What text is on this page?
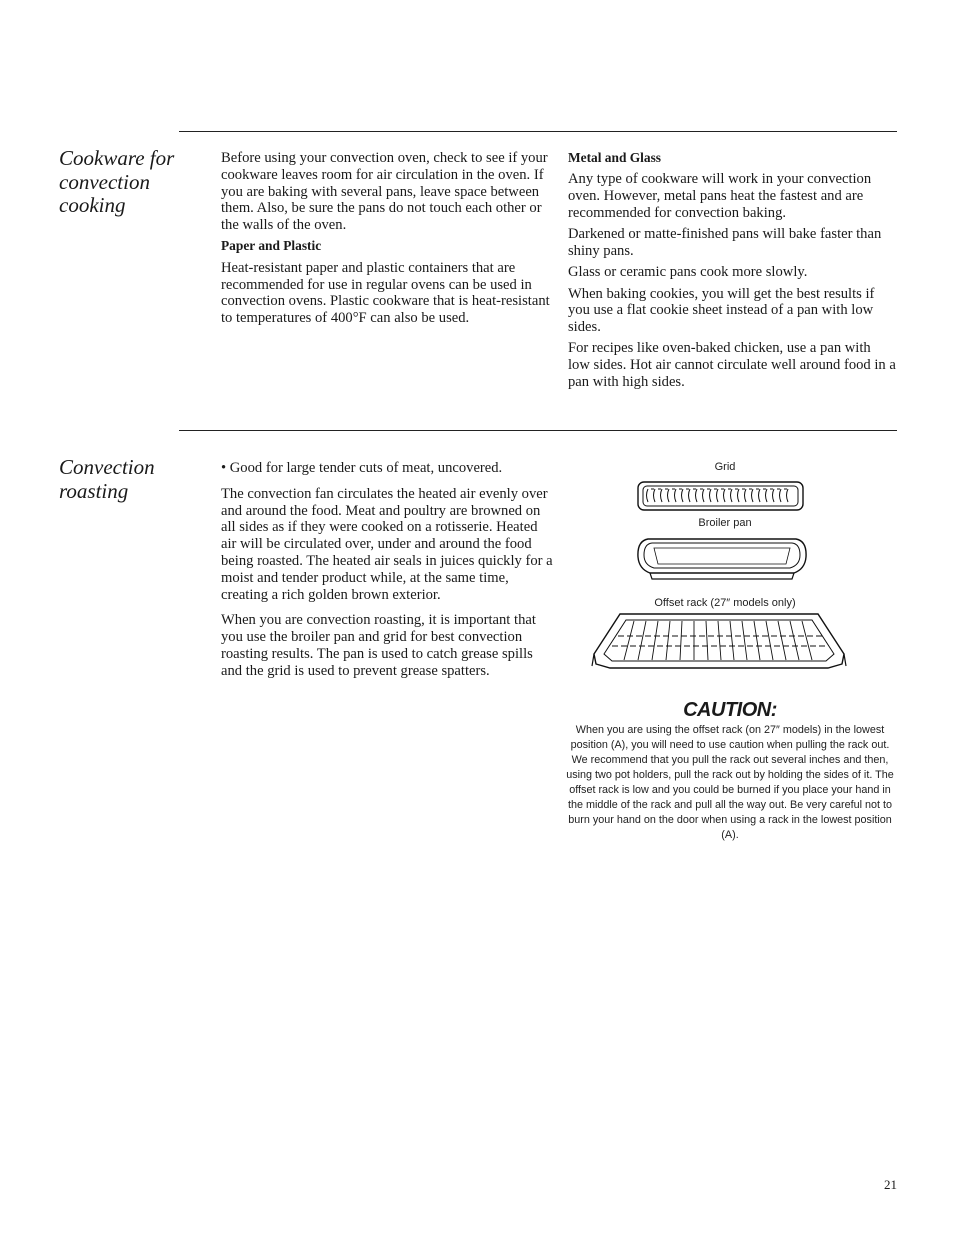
Cookware for convection cooking

Before using your convection oven, check to see if your cookware leaves room for air circulation in the oven. If you are baking with several pans, leave space between them. Also, be sure the pans do not touch each other or the walls of the oven.

Paper and Plastic

Heat-resistant paper and plastic containers that are recommended for use in regular ovens can be used in convection ovens. Plastic cookware that is heat-resistant to temperatures of 400°F can also be used.

Metal and Glass

Any type of cookware will work in your convection oven. However, metal pans heat the fastest and are recommended for convection baking.

Darkened or matte-finished pans will bake faster than shiny pans.

Glass or ceramic pans cook more slowly.

When baking cookies, you will get the best results if you use a flat cookie sheet instead of a pan with low sides.

For recipes like oven-baked chicken, use a pan with low sides. Hot air cannot circulate well around food in a pan with high sides.

Convection roasting

• Good for large tender cuts of meat, uncovered.

The convection fan circulates the heated air evenly over and around the food. Meat and poultry are browned on all sides as if they were cooked on a rotisserie. Heated air will be circulated over, under and around the food being roasted. The heated air seals in juices quickly for a moist and tender product while, at the same time, creating a rich golden brown exterior.

When you are convection roasting, it is important that you use the broiler pan and grid for best convection roasting results. The pan is used to catch grease spills and the grid is used to prevent grease spatters.

Grid
Broiler pan
Offset rack (27″ models only)
CAUTION:
When you are using the offset rack (on 27″ models) in the lowest position (A), you will need to use caution when pulling the rack out. We recommend that you pull the rack out several inches and then, using two pot holders, pull the rack out by holding the sides of it. The offset rack is low and you could be burned if you place your hand in the middle of the rack and pull all the way out. Be very careful not to burn your hand on the door when using a rack in the lowest position (A).
21
